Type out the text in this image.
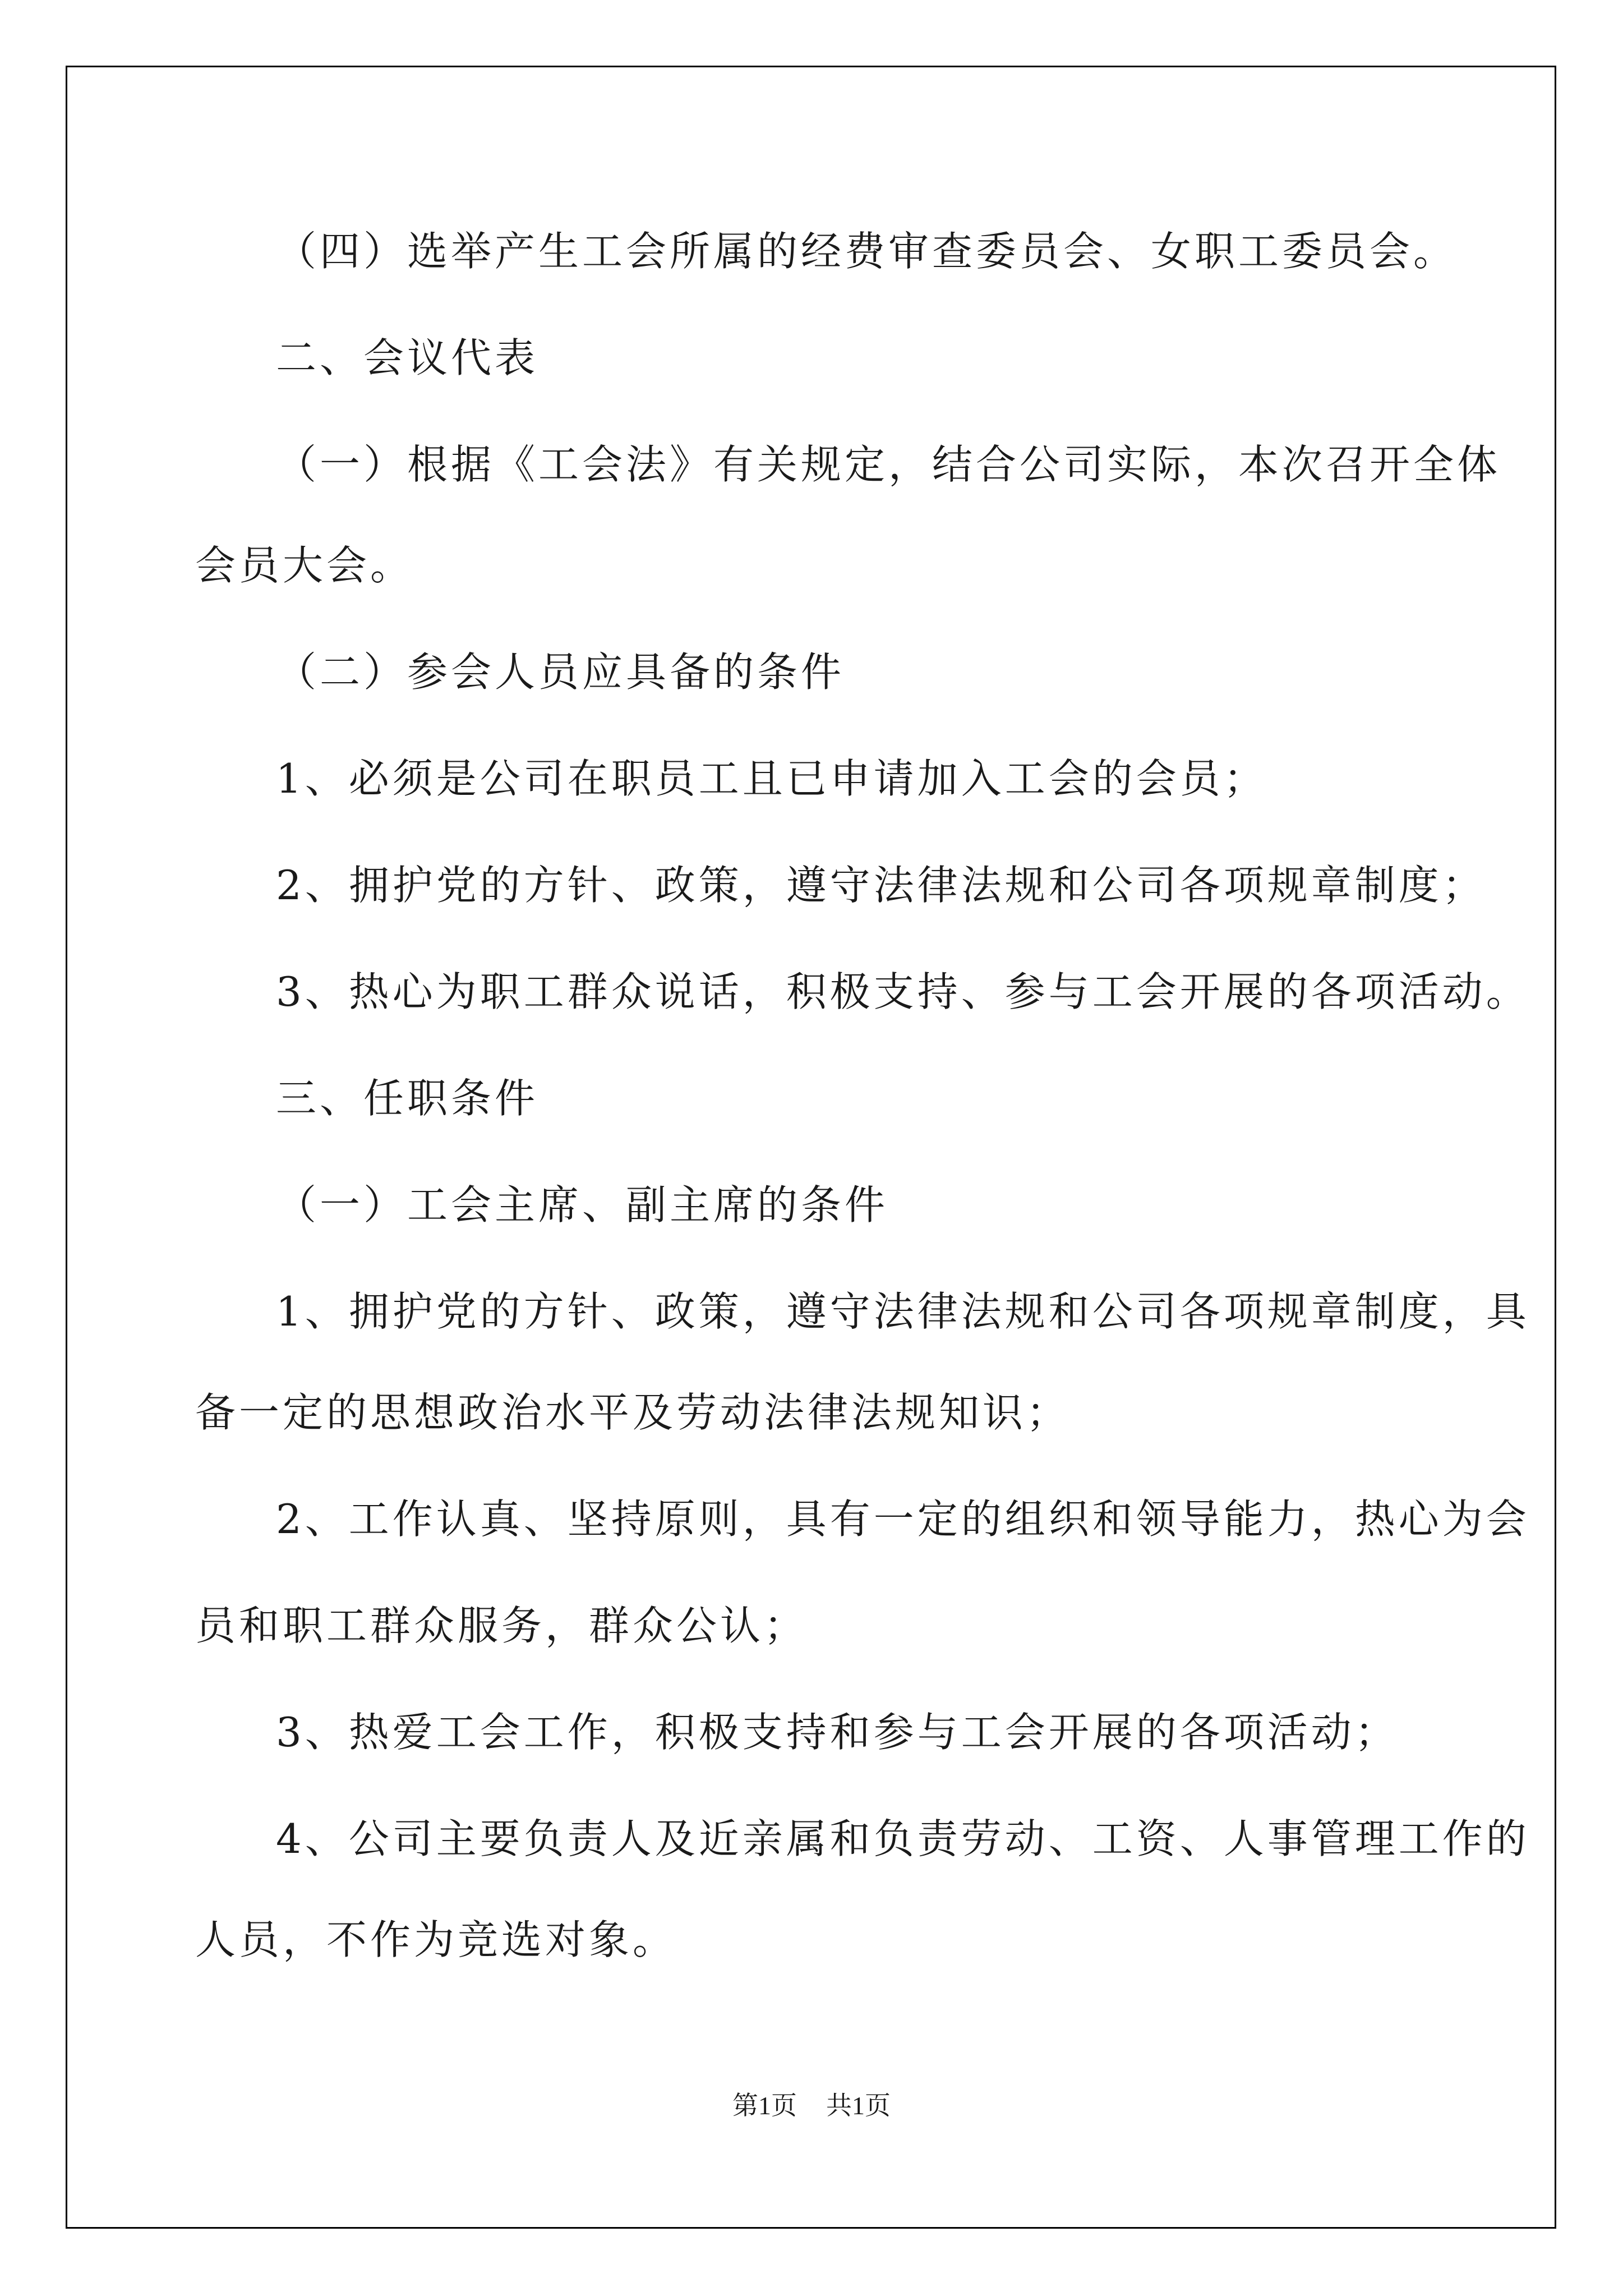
（四）选举产生工会所属的经费审查委员会、女职工委员会。
二、会议代表
（一）根据《工会法》有关规定，结合公司实际，本次召开全体
会员大会。
（二）参会人员应具备的条件
1、必须是公司在职员工且已申请加入工会的会员；
2、拥护党的方针、政策，遵守法律法规和公司各项规章制度；
3、热心为职工群众说话，积极支持、参与工会开展的各项活动。
三、任职条件
（一）工会主席、副主席的条件
1、拥护党的方针、政策，遵守法律法规和公司各项规章制度，具
备一定的思想政治水平及劳动法律法规知识；
2、工作认真、坚持原则，具有一定的组织和领导能力，热心为会
员和职工群众服务，群众公认；
3、热爱工会工作，积极支持和参与工会开展的各项活动；
4、公司主要负责人及近亲属和负责劳动、工资、人事管理工作的
人员，不作为竞选对象。
第1页 共1页
